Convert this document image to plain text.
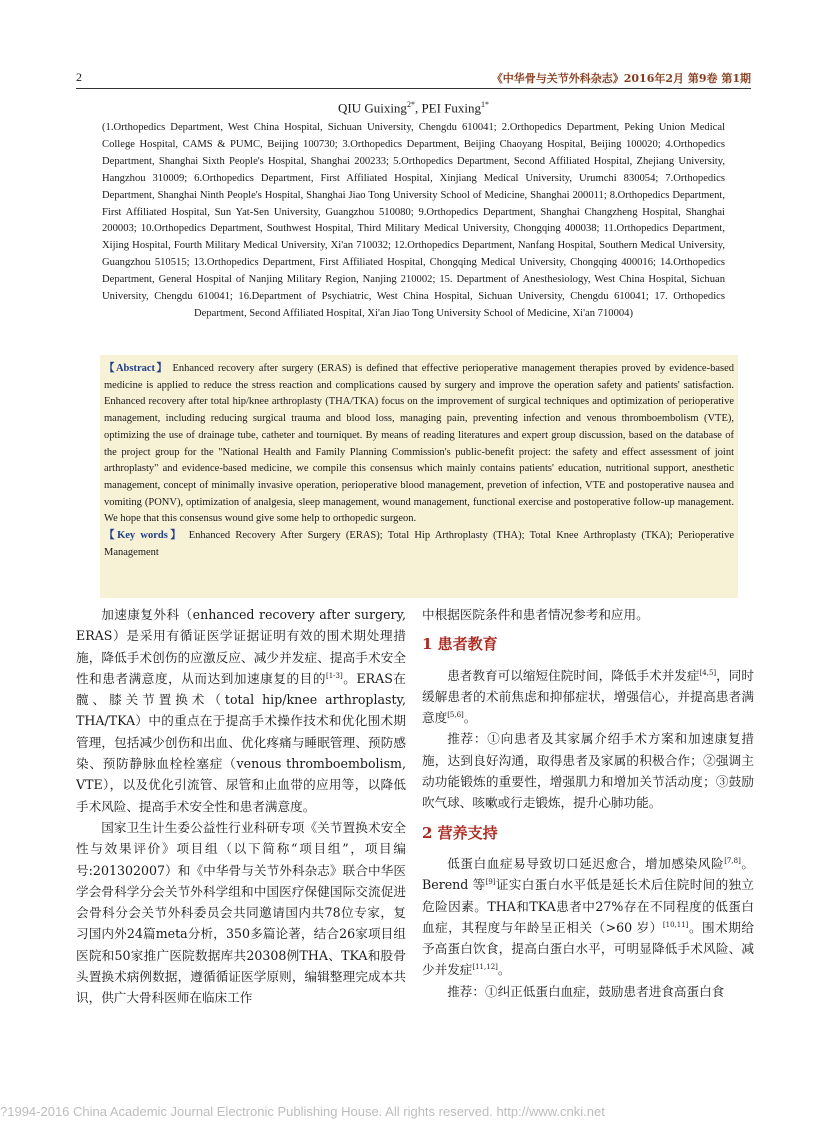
2	《中华骨与关节外科杂志》2016年2月 第9卷 第1期
QIU Guixing$^{2*}$, PEI Fuxing$^{1*}$
(1.Orthopedics Department, West China Hospital, Sichuan University, Chengdu 610041; 2.Orthopedics Department, Peking Union Medical College Hospital, CAMS & PUMC, Beijing 100730; 3.Orthopedics Department, Beijing Chaoyang Hospital, Beijing 100020; 4.Orthopedics Department, Shanghai Sixth People's Hospital, Shanghai 200233; 5.Orthopedics Department, Second Affiliated Hospital, Zhejiang University, Hangzhou 310009; 6.Orthopedics Department, First Affiliated Hospital, Xinjiang Medical University, Urumchi 830054; 7.Orthopedics Department, Shanghai Ninth People's Hospital, Shanghai Jiao Tong University School of Medicine, Shanghai 200011; 8.Orthopedics Department, First Affiliated Hospital, Sun Yat-Sen University, Guangzhou 510080; 9.Orthopedics Department, Shanghai Changzheng Hospital, Shanghai 200003; 10.Orthopedics Department, Southwest Hospital, Third Military Medical University, Chongqing 400038; 11.Orthopedics Department, Xijing Hospital, Fourth Military Medical University, Xi'an 710032; 12.Orthopedics Department, Nanfang Hospital, Southern Medical University, Guangzhou 510515; 13.Orthopedics Department, First Affiliated Hospital, Chongqing Medical University, Chongqing 400016; 14.Orthopedics Department, General Hospital of Nanjing Military Region, Nanjing 210002; 15. Department of Anesthesiology, West China Hospital, Sichuan University, Chengdu 610041; 16.Department of Psychiatric, West China Hospital, Sichuan University, Chengdu 610041; 17. Orthopedics Department, Second Affiliated Hospital, Xi'an Jiao Tong University School of Medicine, Xi'an 710004)

【Abstract】 Enhanced recovery after surgery (ERAS) is defined that effective perioperative management therapies proved by evidence-based medicine is applied to reduce the stress reaction and complications caused by surgery and improve the operation safety and patients' satisfaction. Enhanced recovery after total hip/knee arthroplasty (THA/TKA) focus on the improvement of surgical techniques and optimization of perioperative management, including reducing surgical trauma and blood loss, managing pain, preventing infection and venous thromboembolism (VTE), optimizing the use of drainage tube, catheter and tourniquet. By means of reading literatures and expert group discussion, based on the database of the project group for the "National Health and Family Planning Commission's public-benefit project: the safety and effect assessment of joint arthroplasty" and evidence-based medicine, we compile this consensus which mainly contains patients' education, nutritional support, anesthetic management, concept of minimally invasive operation, perioperative blood management, prevetion of infection, VTE and postoperative nausea and vomiting (PONV), optimization of analgesia, sleep management, wound management, functional exercise and postoperative follow-up management. We hope that this consensus wound give some help to orthopedic surgeon.

【Key words】 Enhanced Recovery After Surgery (ERAS); Total Hip Arthroplasty (THA); Total Knee Arthroplasty (TKA); Perioperative Management

加速康复外科（enhanced recovery after surgery, ERAS）是采用有循证医学证据证明有效的围术期处理措施，降低手术创伤的应激反应、减少并发症、提高手术安全性和患者满意度，从而达到加速康复的目的[1-3]。ERAS在髋、膝关节置换术（total hip/knee arthroplasty, THA/TKA）中的重点在于提高手术操作技术和优化围术期管理，包括减少创伤和出血、优化疼痛与睡眠管理、预防感染、预防静脉血栓栓塞症（venous thromboembolism, VTE），以及优化引流管、尿管和止血带的应用等，以降低手术风险、提高手术安全性和患者满意度。

国家卫生计生委公益性行业科研专项《关节置换术安全性与效果评价》项目组（以下简称“项目组”，项目编号:201302007）和《中华骨与关节外科杂志》联合中华医学会骨科学分会关节外科学组和中国医疗保健国际交流促进会骨科分会关节外科委员会共同邀请国内共78位专家，复习国内外24篇meta分析，350多篇论著，结合26家项目组医院和50家推广医院数据库共20308例THA、TKA和股骨头置换术病例数据，遵循循证医学原则，编辑整理完成本共识，供广大骨科医师在临床工作

中根据医院条件和患者情况参考和应用。

1 患者教育

患者教育可以缩短住院时间，降低手术并发症[4,5]，同时缓解患者的术前焦虑和抑郁症状，增强信心，并提高患者满意度[5,6]。

推荐：①向患者及其家属介绍手术方案和加速康复措施，达到良好沟通，取得患者及家属的积极合作；②强调主动功能锻炼的重要性，增强肌力和增加关节活动度；③鼓励吹气球、咳嗽或行走锻炼，提升心肺功能。

2 营养支持

低蛋白血症易导致切口延迟愈合，增加感染风险[7,8]。Berend 等[9]证实白蛋白水平低是延长术后住院时间的独立危险因素。THA和TKA患者中27%存在不同程度的低蛋白血症，其程度与年龄呈正相关（>60 岁）[10,11]。围术期给予高蛋白饮食，提高白蛋白水平，可明显降低手术风险、减少并发症[11,12]。

推荐：①纠正低蛋白血症，鼓励患者进食高蛋白食

?1994-2016 China Academic Journal Electronic Publishing House. All rights reserved. http://www.cnki.net
